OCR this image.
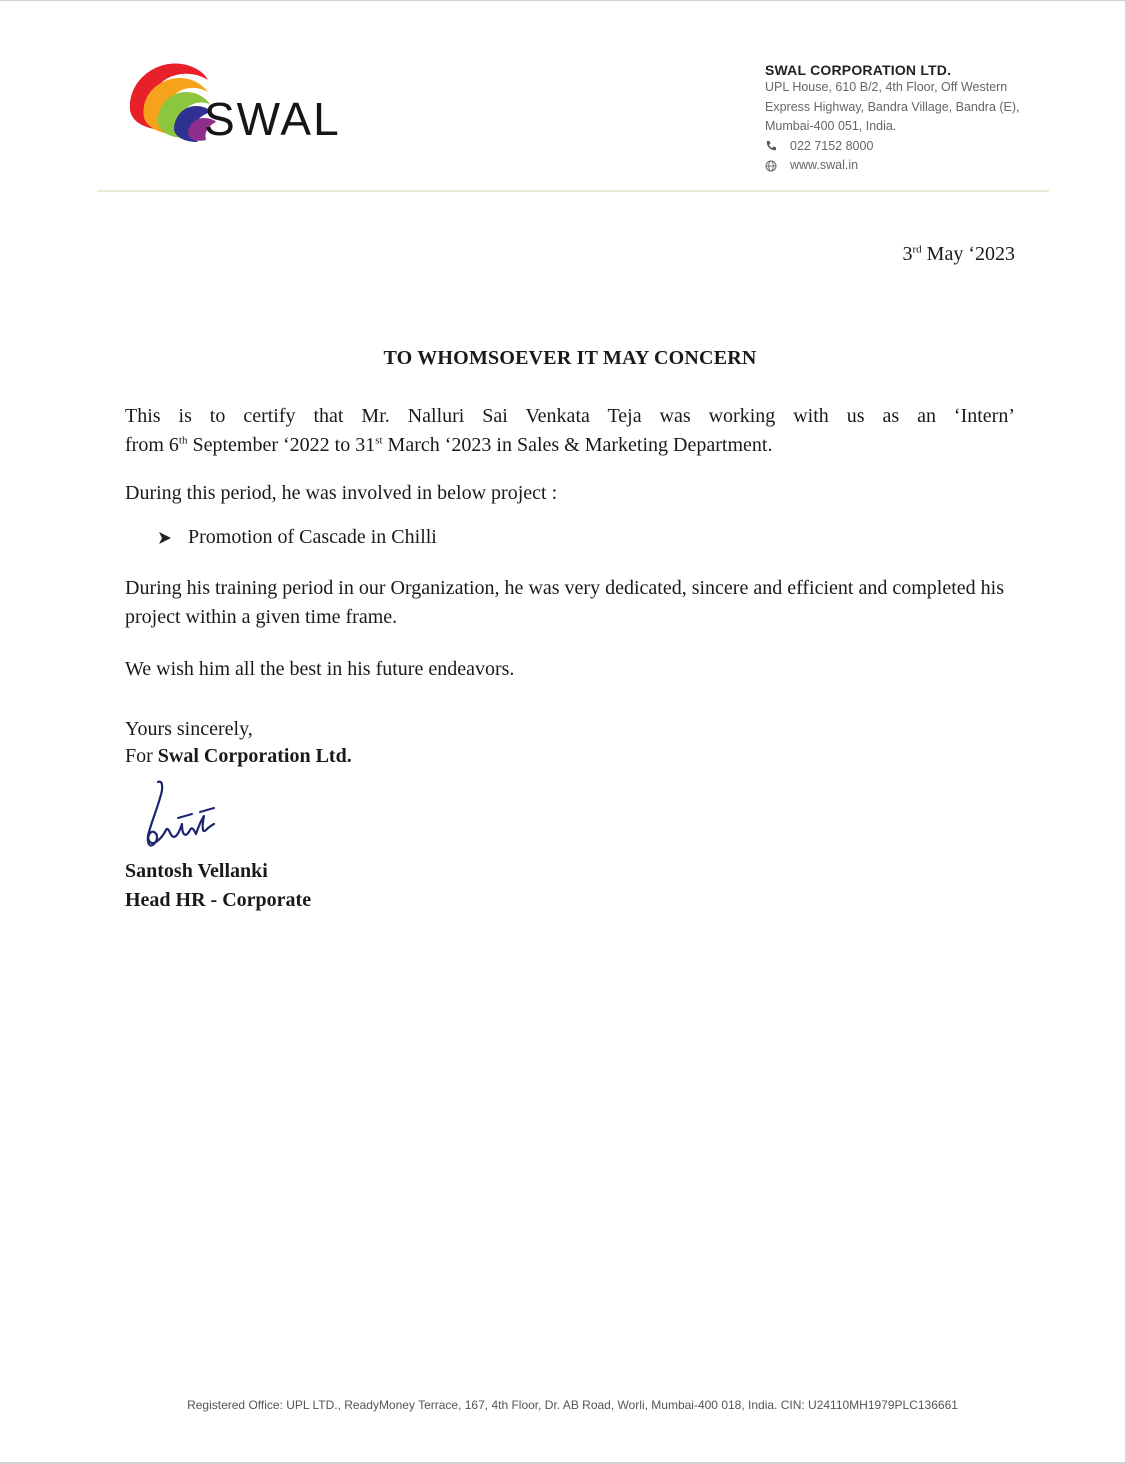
SWAL
SWAL CORPORATION LTD.
UPL House, 610 B/2, 4th Floor, Off Western
Express Highway, Bandra Village, Bandra (E),
Mumbai-400 051, India.
022 7152 8000
www.swal.in
3rd May ‘2023
TO WHOMSOEVER IT MAY CONCERN
This is to certify that Mr. Nalluri Sai Venkata Teja was working with us as an ‘Intern’
from 6th September ‘2022 to 31st March ‘2023 in Sales & Marketing Department.
During this period, he was involved in below project :
Promotion of Cascade in Chilli
During his training period in our Organization, he was very dedicated, sincere and efficient and completed his project within a given time frame.
We wish him all the best in his future endeavors.
Yours sincerely,
For Swal Corporation Ltd.
Santosh Vellanki
Head HR - Corporate
Registered Office: UPL LTD., ReadyMoney Terrace, 167, 4th Floor, Dr. AB Road, Worli, Mumbai-400 018, India. CIN: U24110MH1979PLC136661
